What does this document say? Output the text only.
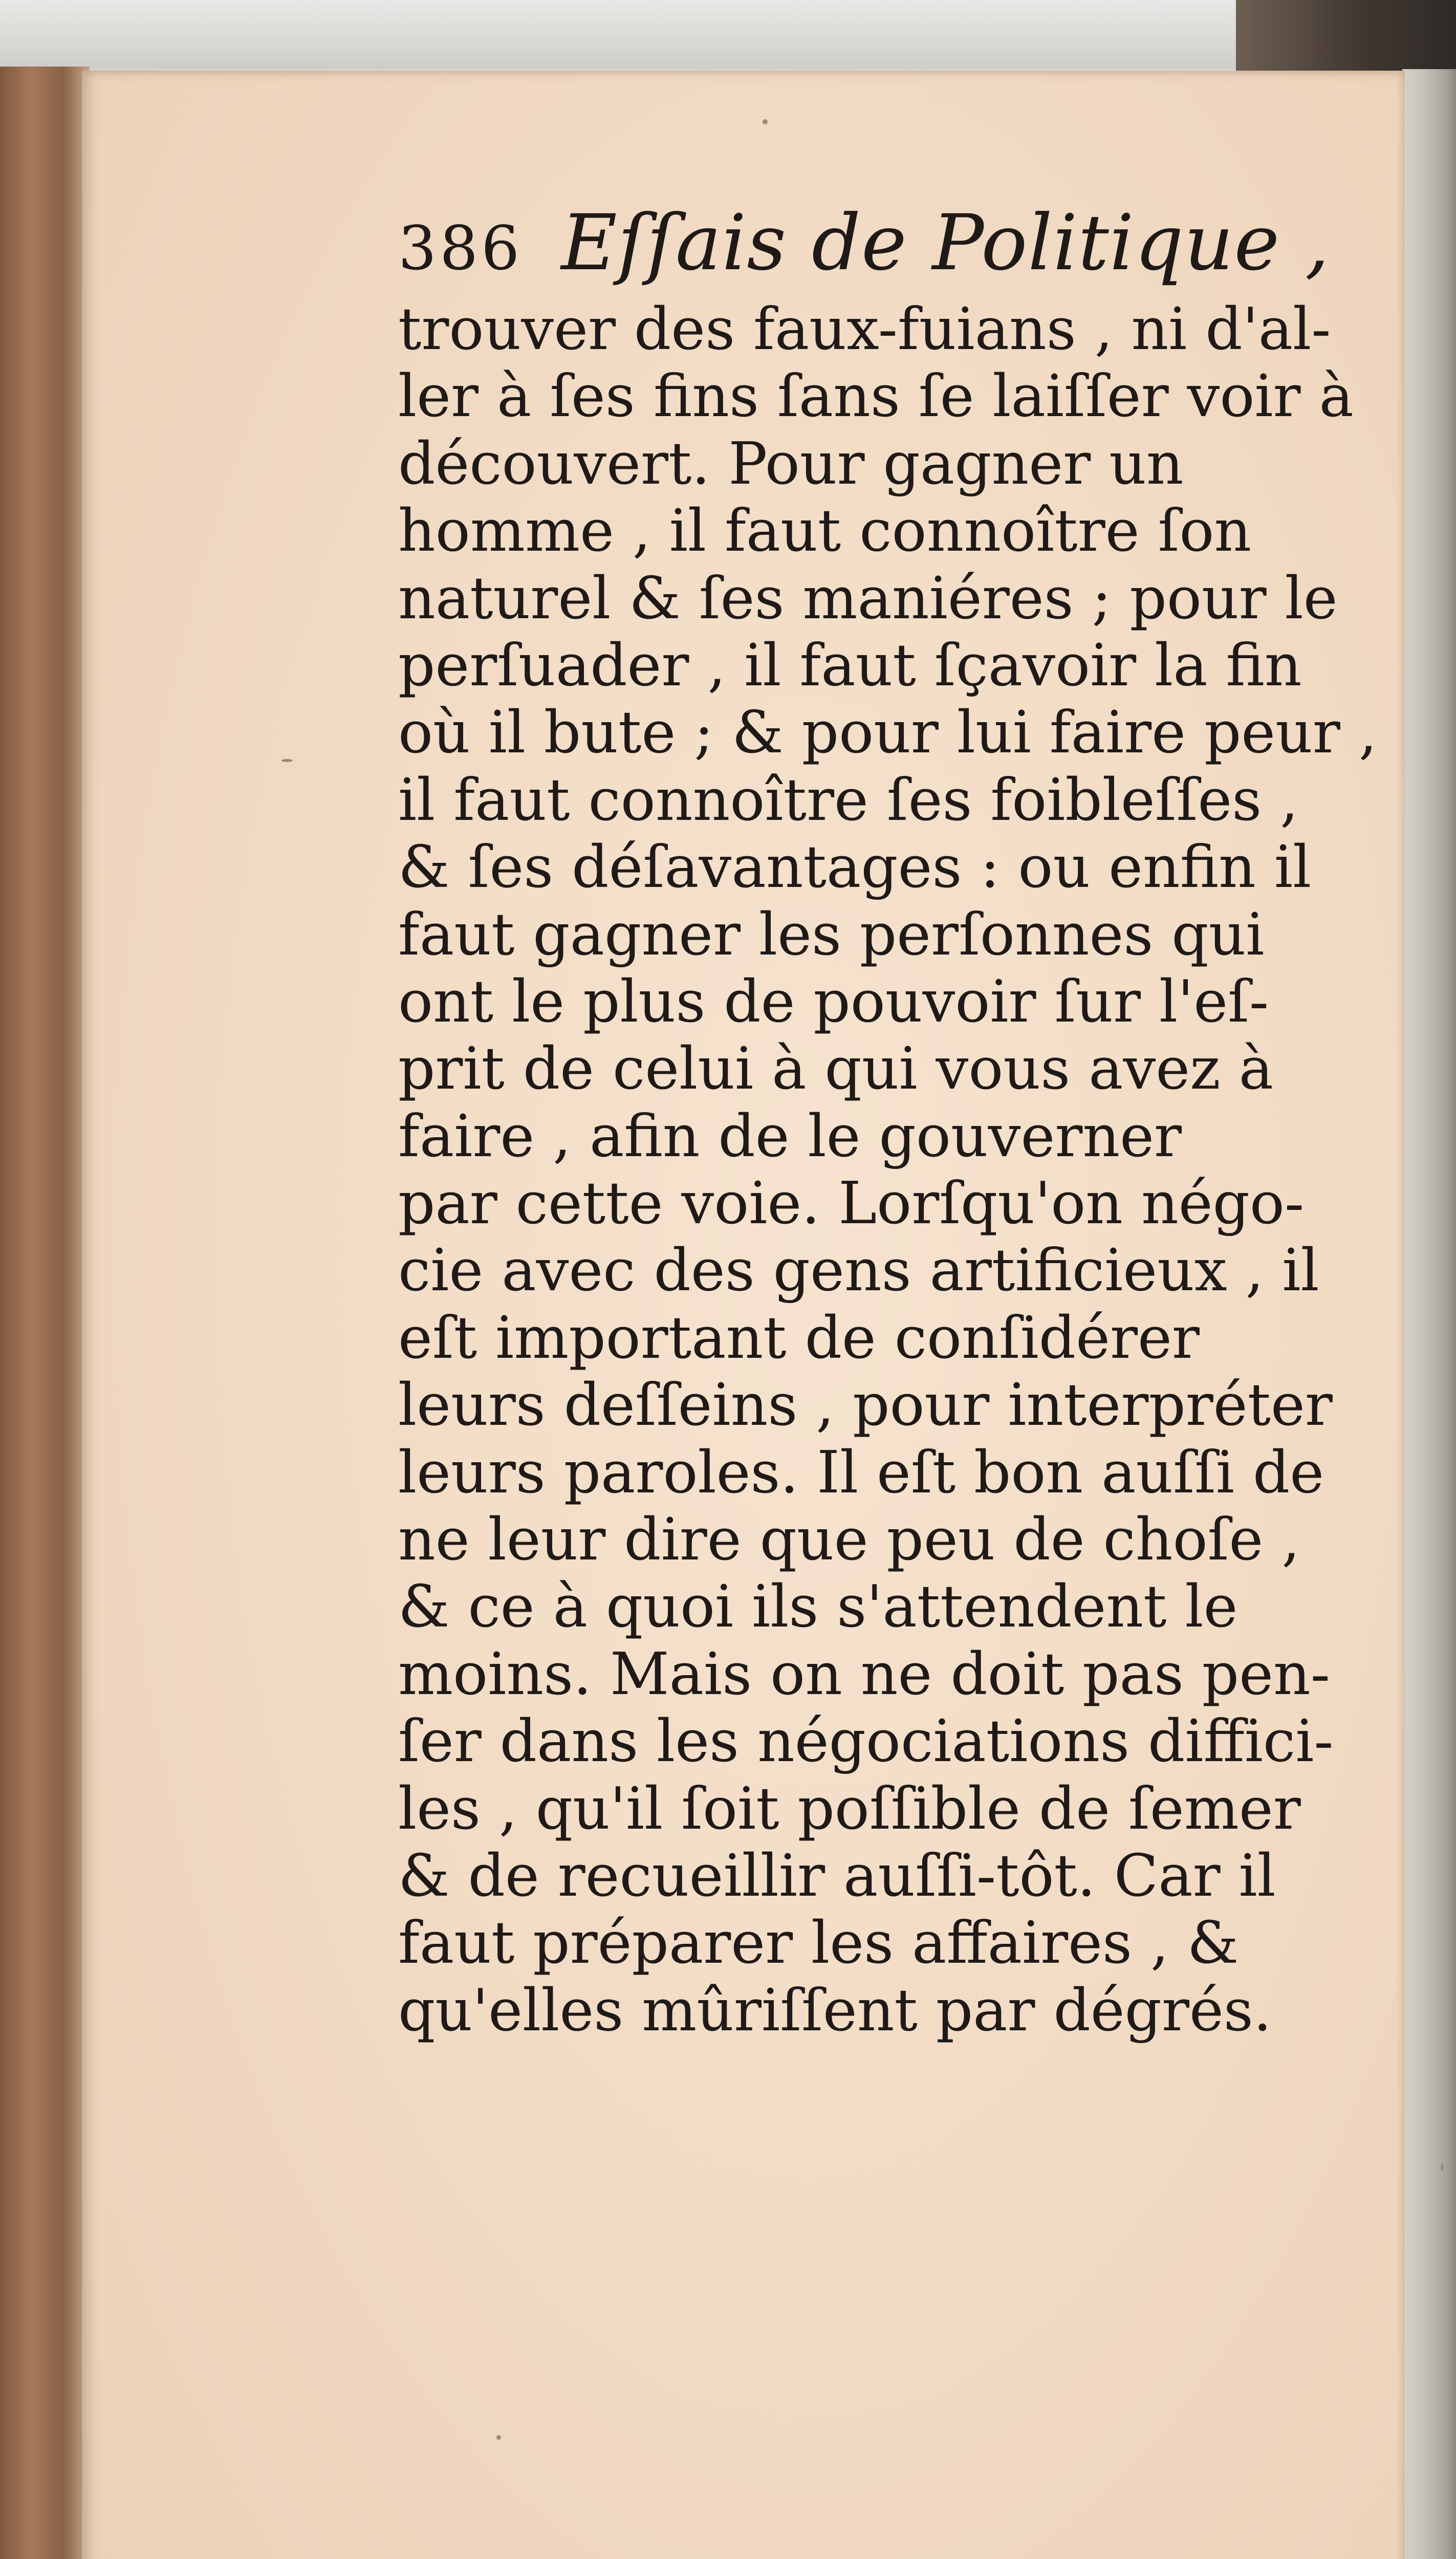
386 Eſſais de Politique ,
trouver des faux-fuians , ni d'al-
ler à ſes fins ſans ſe laiſſer voir à
découvert. Pour gagner un
homme , il faut connoître ſon
naturel & ſes maniéres ; pour le
perſuader , il faut ſçavoir la fin
où il bute ; & pour lui faire peur ,
il faut connoître ſes foibleſſes ,
& ſes déſavantages : ou enfin il
faut gagner les perſonnes qui
ont le plus de pouvoir ſur l'eſ-
prit de celui à qui vous avez à
faire , afin de le gouverner
par cette voie. Lorſqu'on négo-
cie avec des gens artificieux , il
eſt important de conſidérer
leurs deſſeins , pour interpréter
leurs paroles. Il eſt bon auſſi de
ne leur dire que peu de choſe ,
& ce à quoi ils s'attendent le
moins. Mais on ne doit pas pen-
ſer dans les négociations diffici-
les , qu'il ſoit poſſible de ſemer
& de recueillir auſſi-tôt. Car il
faut préparer les affaires , &
qu'elles mûriſſent par dégrés.
